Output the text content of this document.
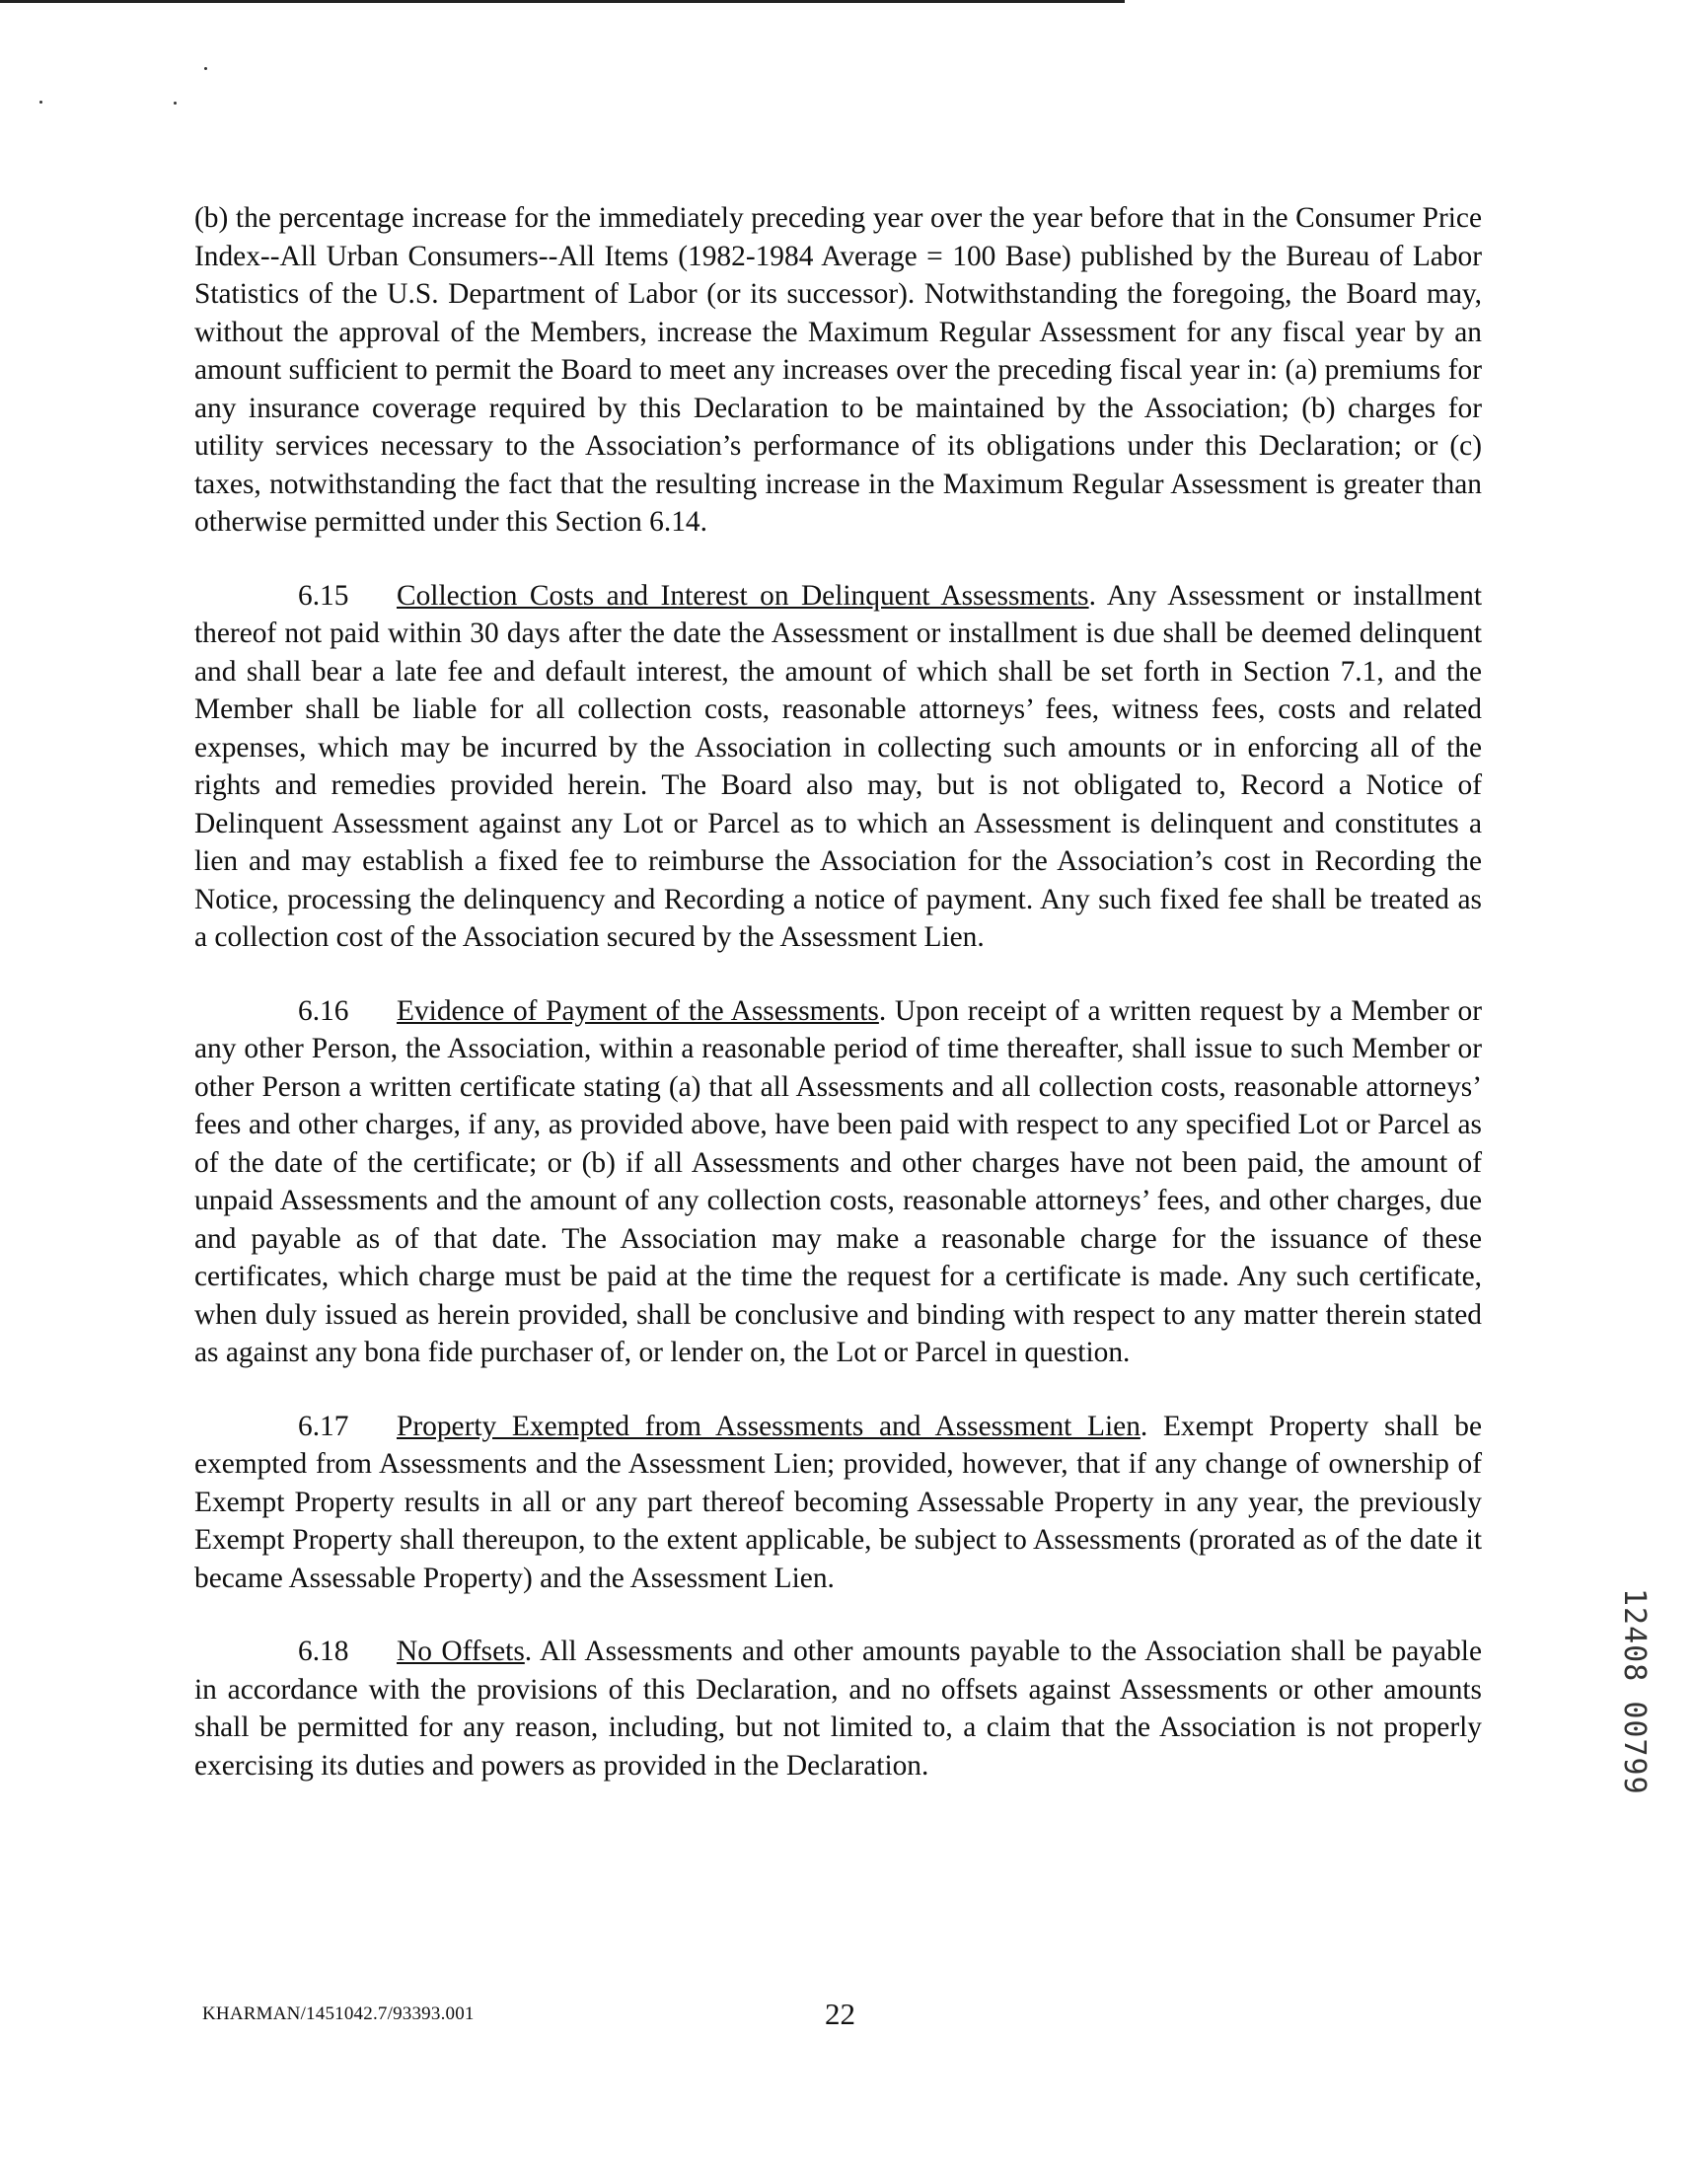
(b) the percentage increase for the immediately preceding year over the year before that in the Consumer Price Index--All Urban Consumers--All Items (1982-1984 Average = 100 Base) published by the Bureau of Labor Statistics of the U.S. Department of Labor (or its successor). Notwithstanding the foregoing, the Board may, without the approval of the Members, increase the Maximum Regular Assessment for any fiscal year by an amount sufficient to permit the Board to meet any increases over the preceding fiscal year in: (a) premiums for any insurance coverage required by this Declaration to be maintained by the Association; (b) charges for utility services necessary to the Association’s performance of its obligations under this Declaration; or (c) taxes, notwithstanding the fact that the resulting increase in the Maximum Regular Assessment is greater than otherwise permitted under this Section 6.14.

6.15 Collection Costs and Interest on Delinquent Assessments. Any Assessment or installment thereof not paid within 30 days after the date the Assessment or installment is due shall be deemed delinquent and shall bear a late fee and default interest, the amount of which shall be set forth in Section 7.1, and the Member shall be liable for all collection costs, reasonable attorneys’ fees, witness fees, costs and related expenses, which may be incurred by the Association in collecting such amounts or in enforcing all of the rights and remedies provided herein. The Board also may, but is not obligated to, Record a Notice of Delinquent Assessment against any Lot or Parcel as to which an Assessment is delinquent and constitutes a lien and may establish a fixed fee to reimburse the Association for the Association’s cost in Recording the Notice, processing the delinquency and Recording a notice of payment. Any such fixed fee shall be treated as a collection cost of the Association secured by the Assessment Lien.

6.16 Evidence of Payment of the Assessments. Upon receipt of a written request by a Member or any other Person, the Association, within a reasonable period of time thereafter, shall issue to such Member or other Person a written certificate stating (a) that all Assessments and all collection costs, reasonable attorneys’ fees and other charges, if any, as provided above, have been paid with respect to any specified Lot or Parcel as of the date of the certificate; or (b) if all Assessments and other charges have not been paid, the amount of unpaid Assessments and the amount of any collection costs, reasonable attorneys’ fees, and other charges, due and payable as of that date. The Association may make a reasonable charge for the issuance of these certificates, which charge must be paid at the time the request for a certificate is made. Any such certificate, when duly issued as herein provided, shall be conclusive and binding with respect to any matter therein stated as against any bona fide purchaser of, or lender on, the Lot or Parcel in question.

6.17 Property Exempted from Assessments and Assessment Lien. Exempt Property shall be exempted from Assessments and the Assessment Lien; provided, however, that if any change of ownership of Exempt Property results in all or any part thereof becoming Assessable Property in any year, the previously Exempt Property shall thereupon, to the extent applicable, be subject to Assessments (prorated as of the date it became Assessable Property) and the Assessment Lien.

6.18 No Offsets. All Assessments and other amounts payable to the Association shall be payable in accordance with the provisions of this Declaration, and no offsets against Assessments or other amounts shall be permitted for any reason, including, but not limited to, a claim that the Association is not properly exercising its duties and powers as provided in the Declaration.

KHARMAN/1451042.7/93393.001	22
12408 00799
